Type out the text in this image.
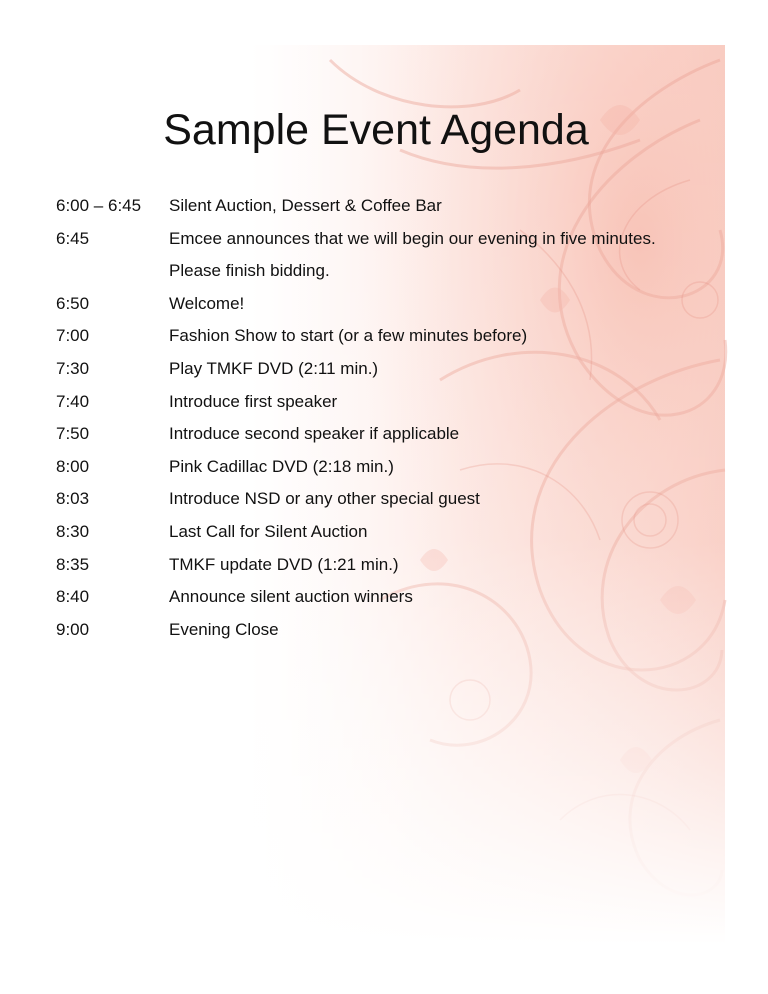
Sample Event Agenda
6:00 – 6:45 Silent Auction, Dessert & Coffee Bar
6:45	Emcee announces that we will begin our evening in five minutes.
Please finish bidding.
6:50	Welcome!
7:00	Fashion Show to start (or a few minutes before)
7:30	Play TMKF DVD (2:11 min.)
7:40	Introduce first speaker
7:50	Introduce second speaker if applicable
8:00	Pink Cadillac DVD (2:18 min.)
8:03	Introduce NSD or any other special guest
8:30	Last Call for Silent Auction
8:35	TMKF update DVD (1:21 min.)
8:40	Announce silent auction winners
9:00	Evening Close
